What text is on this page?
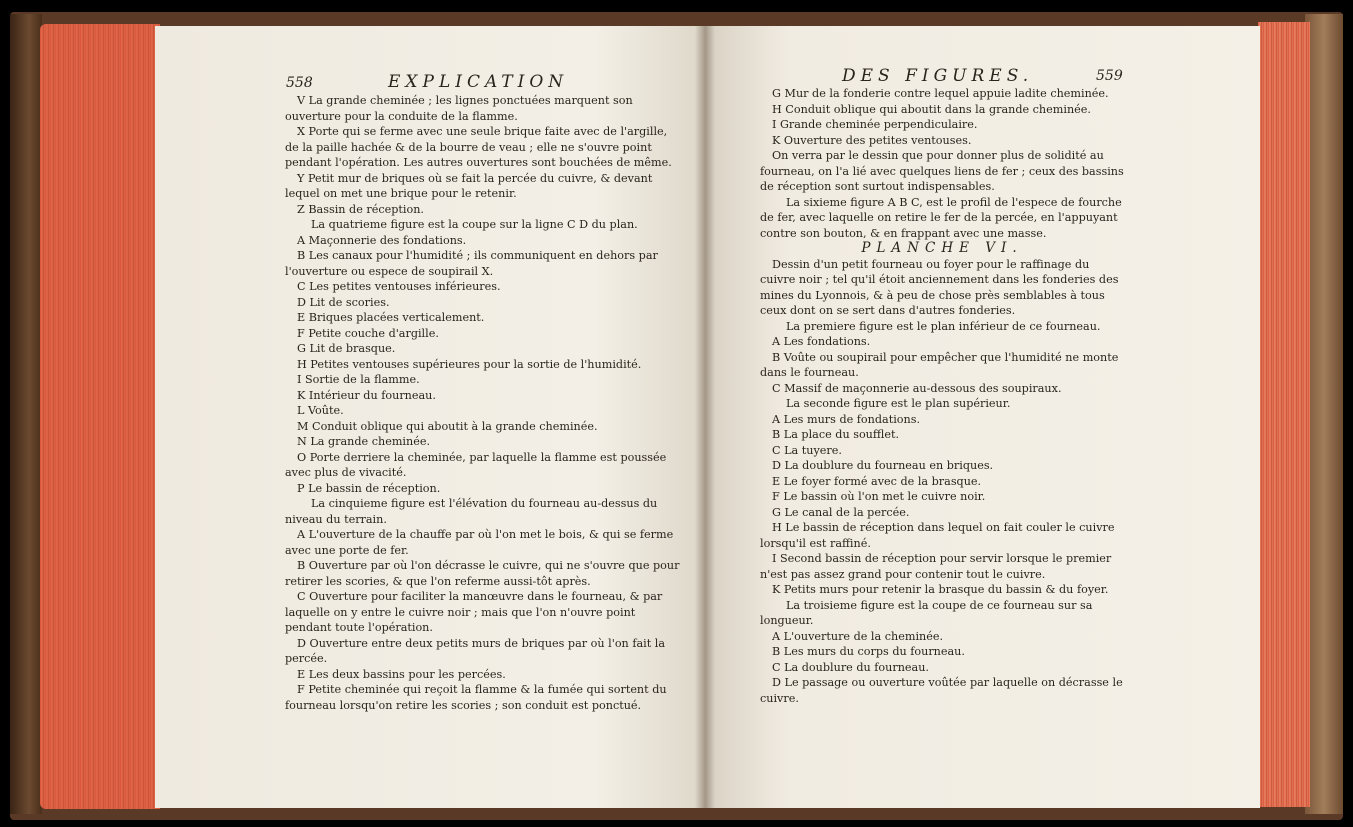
558	EXPLICATION	DES FIGURES.	559

V La grande cheminée ; les lignes ponctuées marquent son ouverture pour la conduite de la flamme.

X Porte qui se ferme avec une seule brique faite avec de l'argille, de la paille hachée & de la bourre de veau ; elle ne s'ouvre point pendant l'opération. Les autres ouvertures sont bouchées de même.

Y Petit mur de briques où se fait la percée du cuivre, & devant lequel on met une brique pour le retenir.

Z Bassin de réception.

La quatrieme figure est la coupe sur la ligne C D du plan.

A Maçonnerie des fondations.

B Les canaux pour l'humidité ; ils communiquent en dehors par l'ouverture ou espece de soupirail X.

C Les petites ventouses inférieures.

D Lit de scories.

E Briques placées verticalement.

F Petite couche d'argille.

G Lit de brasque.

H Petites ventouses supérieures pour la sortie de l'humidité.

I Sortie de la flamme.

K Intérieur du fourneau.

L Voûte.

M Conduit oblique qui aboutit à la grande cheminée.

N La grande cheminée.

O Porte derriere la cheminée, par laquelle la flamme est poussée avec plus de vivacité.

P Le bassin de réception.

La cinquieme figure est l'élévation du fourneau au-dessus du niveau du terrain.

A L'ouverture de la chauffe par où l'on met le bois, & qui se ferme avec une porte de fer.

B Ouverture par où l'on décrasse le cuivre, qui ne s'ouvre que pour retirer les scories, & que l'on referme aussi-tôt après.

C Ouverture pour faciliter la manœuvre dans le fourneau, & par laquelle on y entre le cuivre noir ; mais que l'on n'ouvre point pendant toute l'opération.

D Ouverture entre deux petits murs de briques par où l'on fait la percée.

E Les deux bassins pour les percées.

F Petite cheminée qui reçoit la flamme & la fumée qui sortent du fourneau lorsqu'on retire les scories ; son conduit est ponctué.

G Mur de la fonderie contre lequel appuie ladite cheminée.

H Conduit oblique qui aboutit dans la grande cheminée.

I Grande cheminée perpendiculaire.

K Ouverture des petites ventouses.

On verra par le dessin que pour donner plus de solidité au fourneau, on l'a lié avec quelques liens de fer ; ceux des bassins de réception sont surtout indispensables.

La sixieme figure A B C, est le profil de l'espece de fourche de fer, avec laquelle on retire le fer de la percée, en l'appuyant contre son bouton, & en frappant avec une masse.

PLANCHE VI.

Dessin d'un petit fourneau ou foyer pour le raffinage du cuivre noir ; tel qu'il étoit anciennement dans les fonderies des mines du Lyonnois, & à peu de chose près semblables à tous ceux dont on se sert dans d'autres fonderies.

La premiere figure est le plan inférieur de ce fourneau.

A Les fondations.

B Voûte ou soupirail pour empêcher que l'humidité ne monte dans le fourneau.

C Massif de maçonnerie au-dessous des soupiraux.

La seconde figure est le plan supérieur.

A Les murs de fondations.

B La place du soufflet.

C La tuyere.

D La doublure du fourneau en briques.

E Le foyer formé avec de la brasque.

F Le bassin où l'on met le cuivre noir.

G Le canal de la percée.

H Le bassin de réception dans lequel on fait couler le cuivre lorsqu'il est raffiné.

I Second bassin de réception pour servir lorsque le premier n'est pas assez grand pour contenir tout le cuivre.

K Petits murs pour retenir la brasque du bassin & du foyer.

La troisieme figure est la coupe de ce fourneau sur sa longueur.

A L'ouverture de la cheminée.

B Les murs du corps du fourneau.

C La doublure du fourneau.

D Le passage ou ouverture voûtée par laquelle on décrasse le cuivre.
